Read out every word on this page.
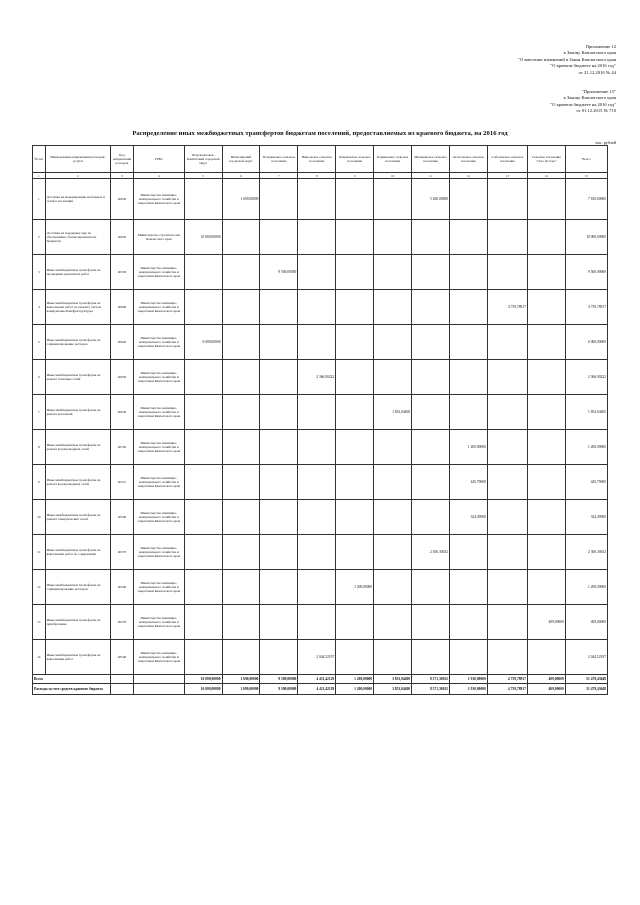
Приложение 12
к Закону Камчатского края
"О внесении изменений в Закон Камчатского края
"О краевом бюджете на 2016 год"
от 21.12.2016 № 44
"Приложение 15"
к Закону Камчатского края
"О краевом бюджете на 2016 год"
от 01.12.2015 № 710
Распределение иных межбюджетных трансфертов бюджетам поселений, предоставляемых из краевого бюджета, на 2016 год
тыс. рублей
№ п/п	Наименование направления расходов/ услуги	Код направления расходов	ГРБС	Петропавловск-Камчатский городской округ	Вилючинский городской округ	Пограничное сельское поселение	Никольское сельское поселение	Озерновское сельское поселение	Коряковское сельское поселение	Мильковское сельское поселение	Атласовское сельское поселение	Соболевское сельское поселение	Сельское поселение "село Оссора"	Всего
1	2	3	4	5	6	7	8	9	10	11	12	13	14	15
1	Доставка на модернизацию котельных и сетей в поселении	40050	Министерство жилищно-коммунального хозяйства и энергетики Камчатского края		1 690,00000					5 260,00000				7 810,60000
2	Доставка на поддержку мер по обеспечению сбалансированности бюджетов	40050	Министерство строительства Камчатского края	10 000,00000										10 000,00000
3	Иные межбюджетные трансферты на проведение ремонтных работ	40530	Министерство жилищно-коммунального хозяйства и энергетики Камчатского края			9 500,00000								9 500,00000
4	Иные межбюджетные трансферты на выполнение работ по ремонту систем коммунальной инфраструктуры	40600	Министерство жилищно-коммунального хозяйства и энергетики Камчатского края									4 759,78917		4 759,78917
5	Иные межбюджетные трансферты на софинансирование расходов	40620	Министерство жилищно-коммунального хозяйства и энергетики Камчатского края	6 000,00000										6 000,00000
6	Иные межбюджетные трансферты на ремонт тепловых сетей	40050	Министерство жилищно-коммунального хозяйства и энергетики Камчатского края				2 366,90222							2 366,90222
7	Иные межбюджетные трансферты на ремонт котельной	40050	Министерство жилищно-коммунального хозяйства и энергетики Камчатского края						1 852,04400					1 852,04400
8	Иные межбюджетные трансферты на ремонт водопроводных сетей	40530	Министерство жилищно-коммунального хозяйства и энергетики Камчатского края								1 200,00000			1 200,00000
9	Иные межбюджетные трансферты на ремонт водопроводных сетей	40515	Министерство жилищно-коммунального хозяйства и энергетики Камчатского края								445,79000			445,79000
10	Иные межбюджетные трансферты на ремонт электрических сетей	40540	Министерство жилищно-коммунального хозяйства и энергетики Камчатского края								324,39000			324,39000
11	Иные межбюджетные трансферты на выполнение работ по содержанию	40570	Министерство жилищно-коммунального хозяйства и энергетики Камчатского края							2 306,30032				2 306,30032
12	Иные межбюджетные трансферты на софинансирование расходов	40540	Министерство жилищно-коммунального хозяйства и энергетики Камчатского края					1 200,00000						1 200,00000
13	Иные межбюджетные трансферты на приобретение	40570	Министерство жилищно-коммунального хозяйства и энергетики Камчатского края										409,00000	409,00000
14	Иные межбюджетные трансферты на выполнение работ	40540	Министерство жилищно-коммунального хозяйства и энергетики Камчатского края				2 044,52197							2 044,52197
Всего				16 000,00000	1 690,00000	9 500,00000	4 411,42129	1 200,00000	3 853,04400	8 571,30032	1 910,00000	4 759,78917	409,00000	51 479,43648
Расходы за счет средств краевого бюджета				16 000,00000	1 690,00000	9 500,00000	4 411,42129	1 200,00000	3 853,04400	8 571,30032	1 910,00000	4 759,78917	409,00000	51 479,43648
